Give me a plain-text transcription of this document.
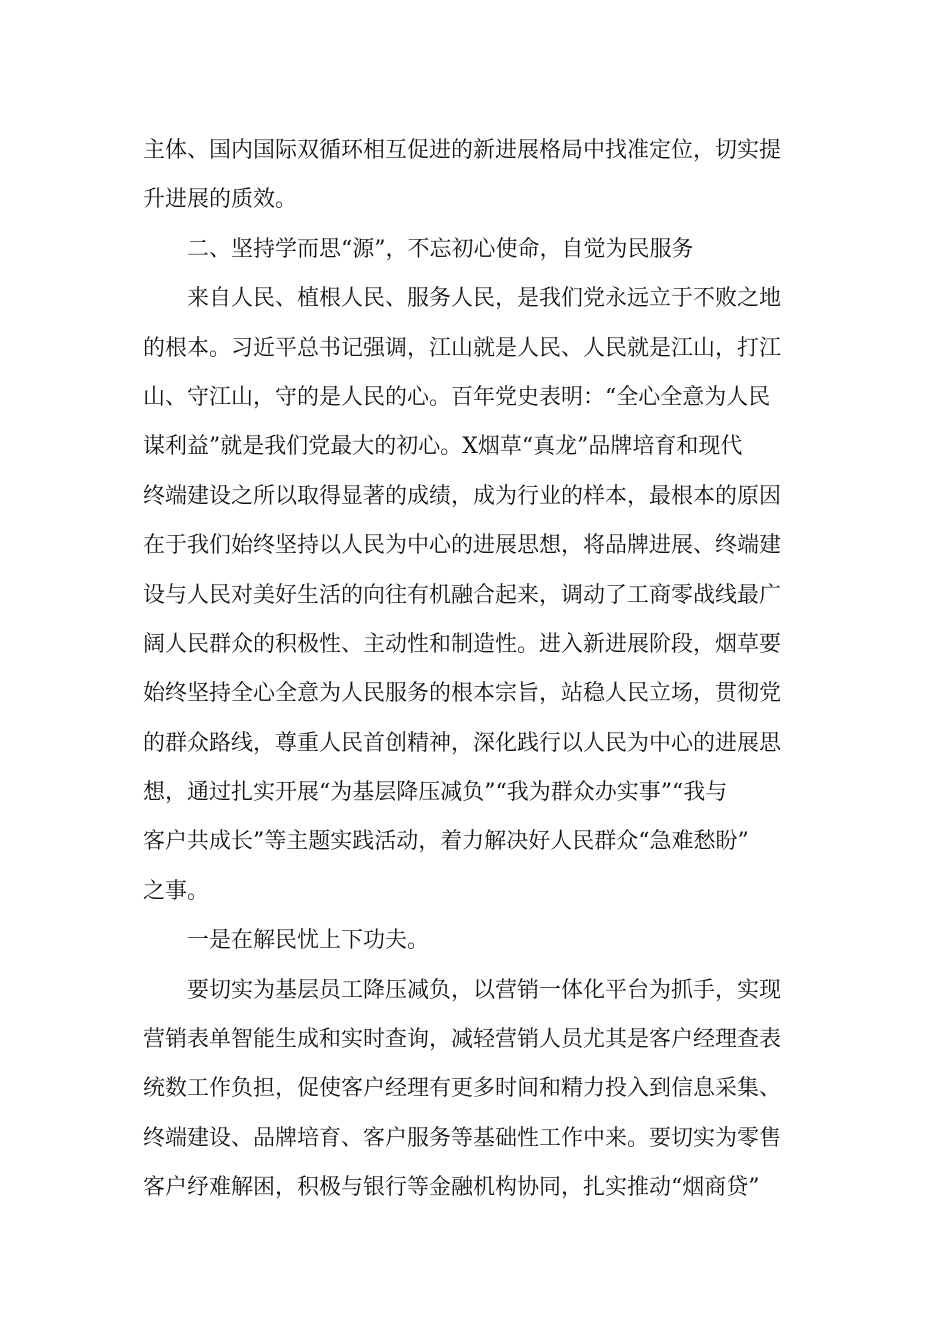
主体、国内国际双循环相互促进的新进展格局中找准定位，切实提
升进展的质效。
二、坚持学而思“源”，不忘初心使命，自觉为民服务
来自人民、植根人民、服务人民，是我们党永远立于不败之地
的根本。习近平总书记强调，江山就是人民、人民就是江山，打江
山、守江山，守的是人民的心。百年党史表明：“全心全意为人民
谋利益”就是我们党最大的初心。X烟草“真龙”品牌培育和现代
终端建设之所以取得显著的成绩，成为行业的样本，最根本的原因
在于我们始终坚持以人民为中心的进展思想，将品牌进展、终端建
设与人民对美好生活的向往有机融合起来，调动了工商零战线最广
阔人民群众的积极性、主动性和制造性。进入新进展阶段，烟草要
始终坚持全心全意为人民服务的根本宗旨，站稳人民立场，贯彻党
的群众路线，尊重人民首创精神，深化践行以人民为中心的进展思
想，通过扎实开展“为基层降压减负”“我为群众办实事”“我与
客户共成长”等主题实践活动，着力解决好人民群众“急难愁盼”
之事。
一是在解民忧上下功夫。
要切实为基层员工降压减负，以营销一体化平台为抓手，实现
营销表单智能生成和实时查询，减轻营销人员尤其是客户经理查表
统数工作负担，促使客户经理有更多时间和精力投入到信息采集、
终端建设、品牌培育、客户服务等基础性工作中来。要切实为零售
客户纾难解困，积极与银行等金融机构协同，扎实推动“烟商贷”
